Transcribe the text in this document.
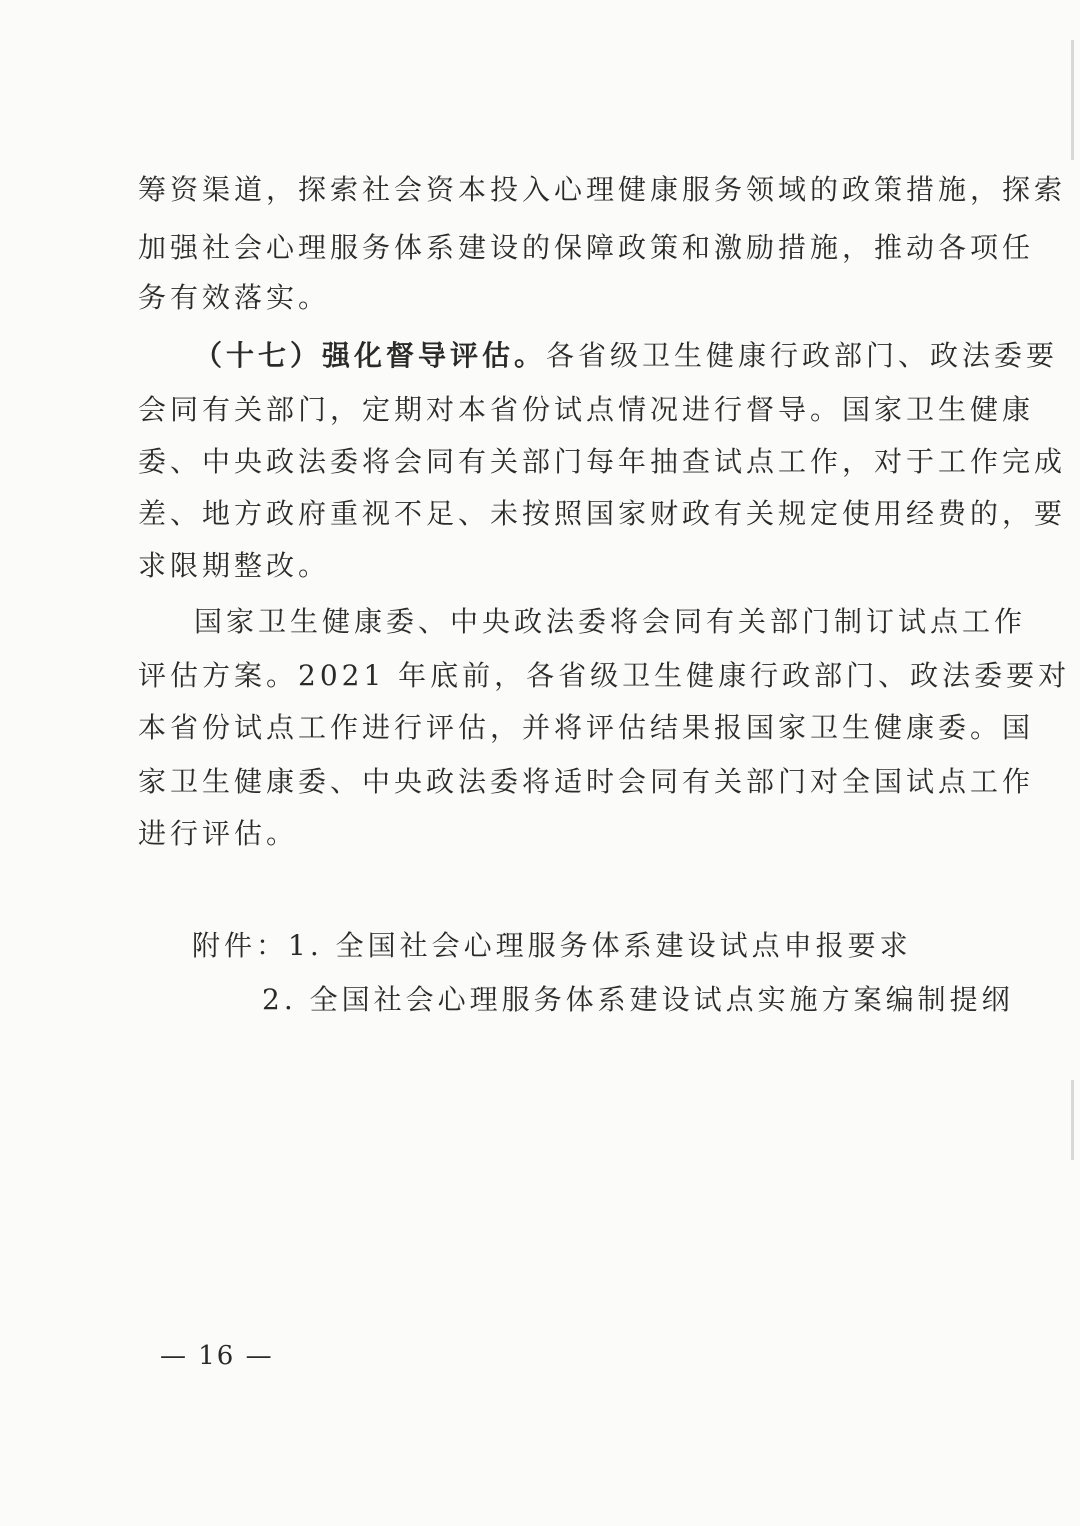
筹资渠道，探索社会资本投入心理健康服务领域的政策措施，探索
加强社会心理服务体系建设的保障政策和激励措施，推动各项任
务有效落实。
（十七）强化督导评估。各省级卫生健康行政部门、政法委要
会同有关部门，定期对本省份试点情况进行督导。国家卫生健康
委、中央政法委将会同有关部门每年抽查试点工作，对于工作完成
差、地方政府重视不足、未按照国家财政有关规定使用经费的，要
求限期整改。
国家卫生健康委、中央政法委将会同有关部门制订试点工作
评估方案。2021 年底前，各省级卫生健康行政部门、政法委要对
本省份试点工作进行评估，并将评估结果报国家卫生健康委。国
家卫生健康委、中央政法委将适时会同有关部门对全国试点工作
进行评估。
附件：1. 全国社会心理服务体系建设试点申报要求
2. 全国社会心理服务体系建设试点实施方案编制提纲
— 16 —
